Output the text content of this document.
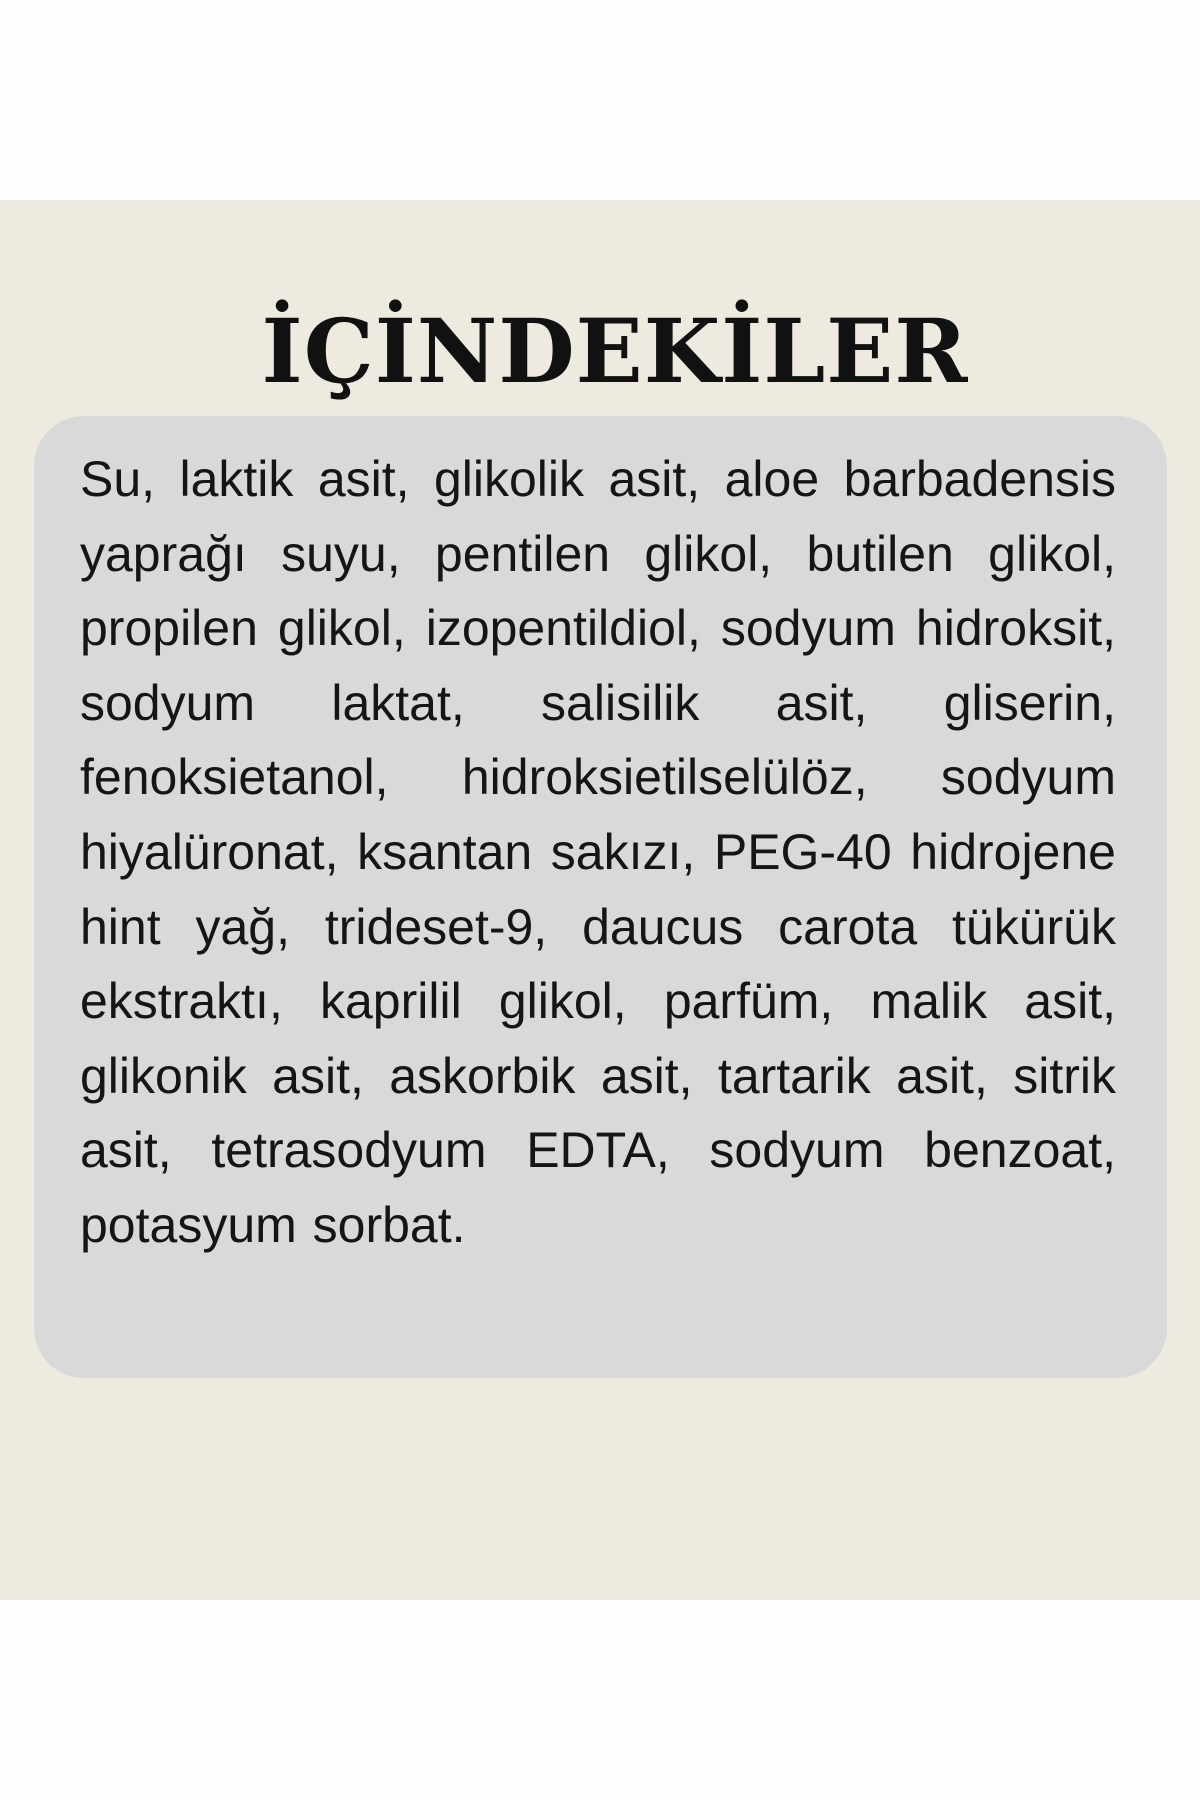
İÇİNDEKİLER

Su, laktik asit, glikolik asit, aloe barbadensis yaprağı suyu, pentilen glikol, butilen glikol, propilen glikol, izopentildiol, sodyum hidroksit, sodyum laktat, salisilik asit, gliserin, fenoksietanol, hidroksietilselülöz, sodyum hiyalüronat, ksantan sakızı, PEG-40 hidrojene hint yağ, trideset-9, daucus carota tükürük ekstraktı, kaprilil glikol, parfüm, malik asit, glikonik asit, askorbik asit, tartarik asit, sitrik asit, tetrasodyum EDTA, sodyum benzoat, potasyum sorbat.
